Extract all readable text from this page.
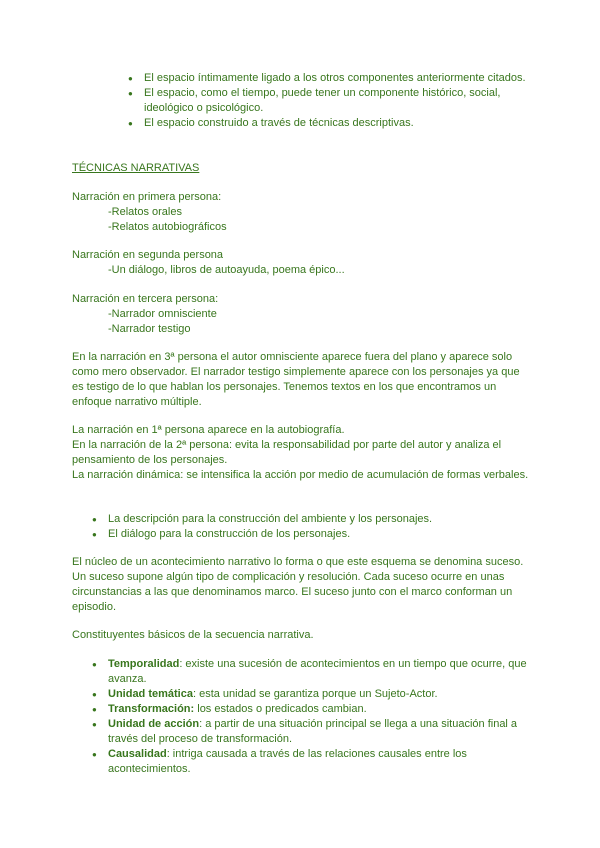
● El espacio íntimamente ligado a los otros componentes anteriormente citados.
● El espacio, como el tiempo, puede tener un componente histórico, social, ideológico o psicológico.
● El espacio construido a través de técnicas descriptivas.

TÉCNICAS NARRATIVAS

Narración en primera persona:

-Relatos orales

-Relatos autobiográficos

Narración en segunda persona

-Un diálogo, libros de autoayuda, poema épico...

Narración en tercera persona:

-Narrador omnisciente

-Narrador testigo

En la narración en 3ª persona el autor omnisciente aparece fuera del plano y aparece solo como mero observador. El narrador testigo simplemente aparece con los personajes ya que es testigo de lo que hablan los personajes. Tenemos textos en los que encontramos un enfoque narrativo múltiple.

La narración en 1ª persona aparece en la autobiografía.

En la narración de la 2ª persona: evita la responsabilidad por parte del autor y analiza el pensamiento de los personajes.

La narración dinámica: se intensifica la acción por medio de acumulación de formas verbales.

● La descripción para la construcción del ambiente y los personajes.
● El diálogo para la construcción de los personajes.

El núcleo de un acontecimiento narrativo lo forma o que este esquema se denomina suceso. Un suceso supone algún tipo de complicación y resolución. Cada suceso ocurre en unas circunstancias a las que denominamos marco. El suceso junto con el marco conforman un episodio.

Constituyentes básicos de la secuencia narrativa.

● Temporalidad: existe una sucesión de acontecimientos en un tiempo que ocurre, que avanza.
● Unidad temática: esta unidad se garantiza porque un Sujeto-Actor.
● Transformación: los estados o predicados cambian.
● Unidad de acción: a partir de una situación principal se llega a una situación final a través del proceso de transformación.
● Causalidad: intriga causada a través de las relaciones causales entre los acontecimientos.
